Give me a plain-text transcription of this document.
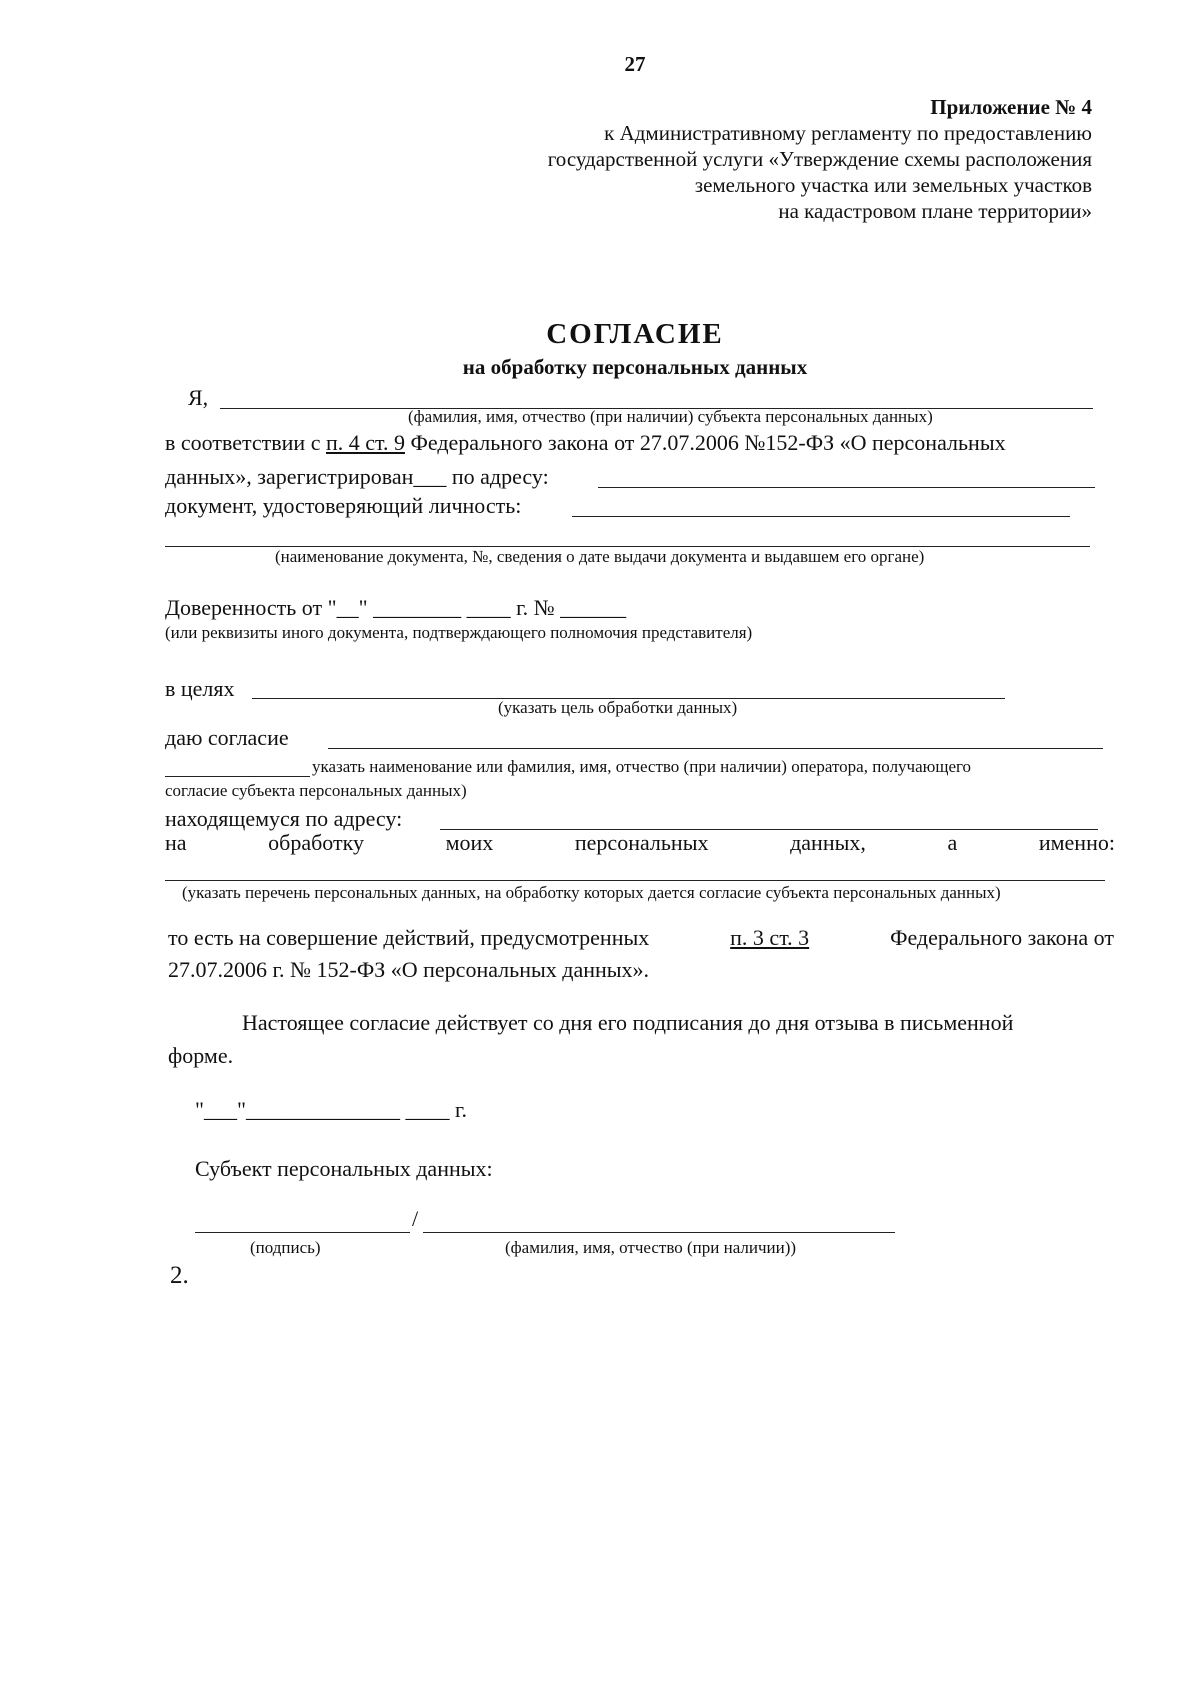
27
Приложение № 4
к Административному регламенту по предоставлению
государственной услуги «Утверждение схемы расположения
земельного участка или земельных участков
на кадастровом плане территории»
СОГЛАСИЕ
на обработку персональных данных
Я,
(фамилия, имя, отчество (при наличии) субъекта персональных данных)
в соответствии с п. 4 ст. 9 Федерального закона от 27.07.2006 №152-ФЗ «О персональных
данных», зарегистрирован___ по адресу:
документ, удостоверяющий личность:
(наименование документа, №, сведения о дате выдачи документа и выдавшем его органе)
Доверенность от "__" ________ ____ г. № ______
(или реквизиты иного документа, подтверждающего полномочия представителя)
в целях
(указать цель обработки данных)
даю согласие
указать наименование или фамилия, имя, отчество (при наличии) оператора, получающего
согласие субъекта персональных данных)
находящемуся по адресу:
на	обработку	моих	персональных	данных,	а	именно:
(указать перечень персональных данных, на обработку которых дается согласие субъекта персональных данных)
то есть на совершение действий, предусмотренных	п. 3 ст. 3	Федерального закона от
27.07.2006 г. № 152-ФЗ «О персональных данных».
Настоящее согласие действует со дня его подписания до дня отзыва в письменной
форме.
"___"______________ ____ г.
Субъект персональных данных:
/
(подпись)	(фамилия, имя, отчество (при наличии))
2.
